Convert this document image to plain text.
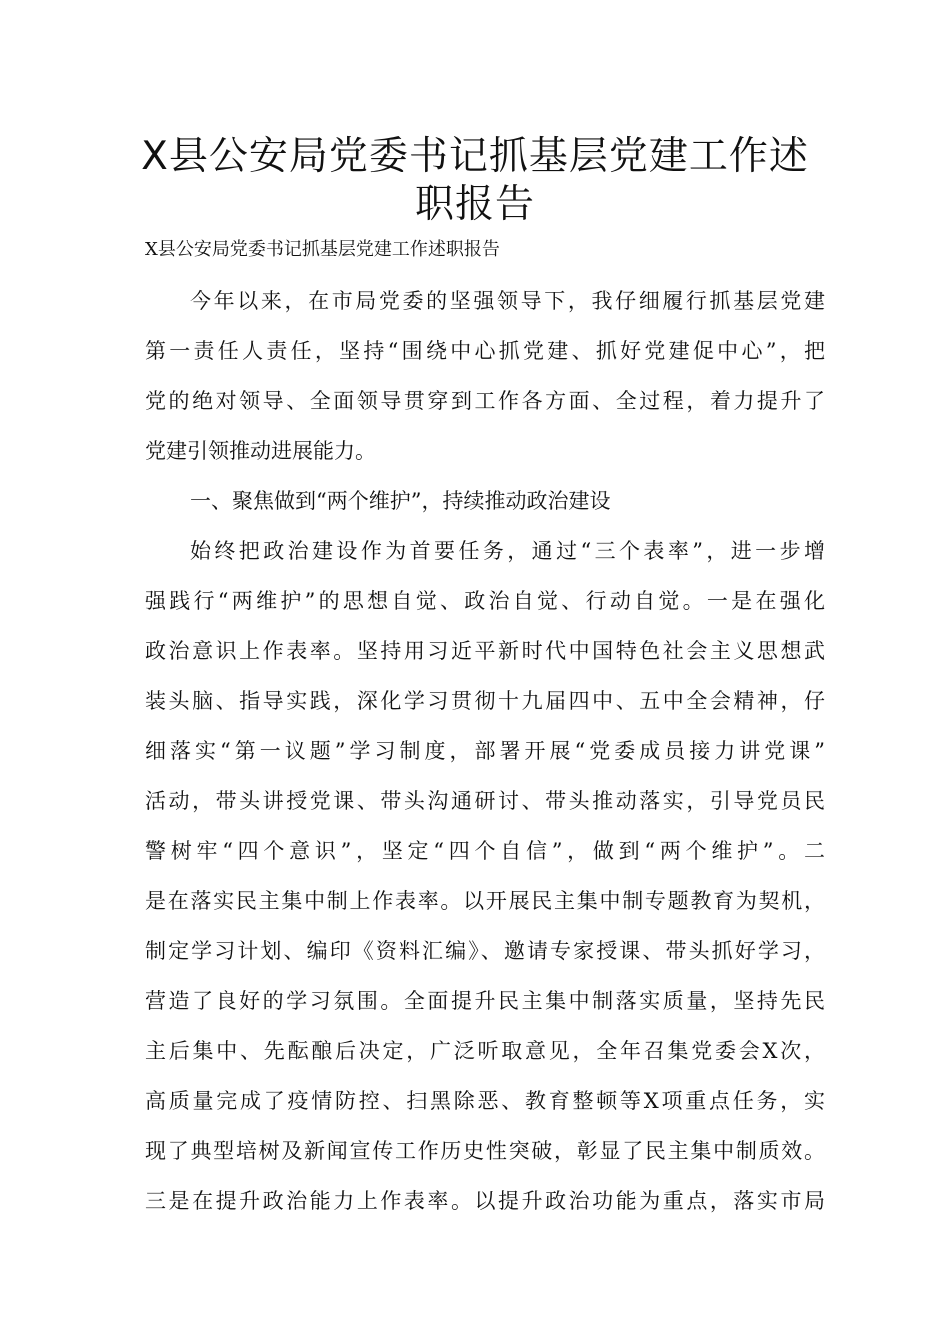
X县公安局党委书记抓基层党建工作述
职报告
X县公安局党委书记抓基层党建工作述职报告
今年以来，在市局党委的坚强领导下，我仔细履行抓基层党建
第一责任人责任，坚持“围绕中心抓党建、抓好党建促中心”，把
党的绝对领导、全面领导贯穿到工作各方面、全过程，着力提升了
党建引领推动进展能力。
一、聚焦做到“两个维护”，持续推动政治建设
始终把政治建设作为首要任务，通过“三个表率”，进一步增
强践行“两维护”的思想自觉、政治自觉、行动自觉。一是在强化
政治意识上作表率。坚持用习近平新时代中国特色社会主义思想武
装头脑、指导实践，深化学习贯彻十九届四中、五中全会精神，仔
细落实“第一议题”学习制度，部署开展“党委成员接力讲党课”
活动，带头讲授党课、带头沟通研讨、带头推动落实，引导党员民
警树牢“四个意识”，坚定“四个自信”，做到“两个维护”。二
是在落实民主集中制上作表率。以开展民主集中制专题教育为契机，
制定学习计划、编印《资料汇编》、邀请专家授课、带头抓好学习，
营造了良好的学习氛围。全面提升民主集中制落实质量，坚持先民
主后集中、先酝酿后决定，广泛听取意见，全年召集党委会X次，
高质量完成了疫情防控、扫黑除恶、教育整顿等X项重点任务，实
现了典型培树及新闻宣传工作历史性突破，彰显了民主集中制质效。
三是在提升政治能力上作表率。以提升政治功能为重点，落实市局
